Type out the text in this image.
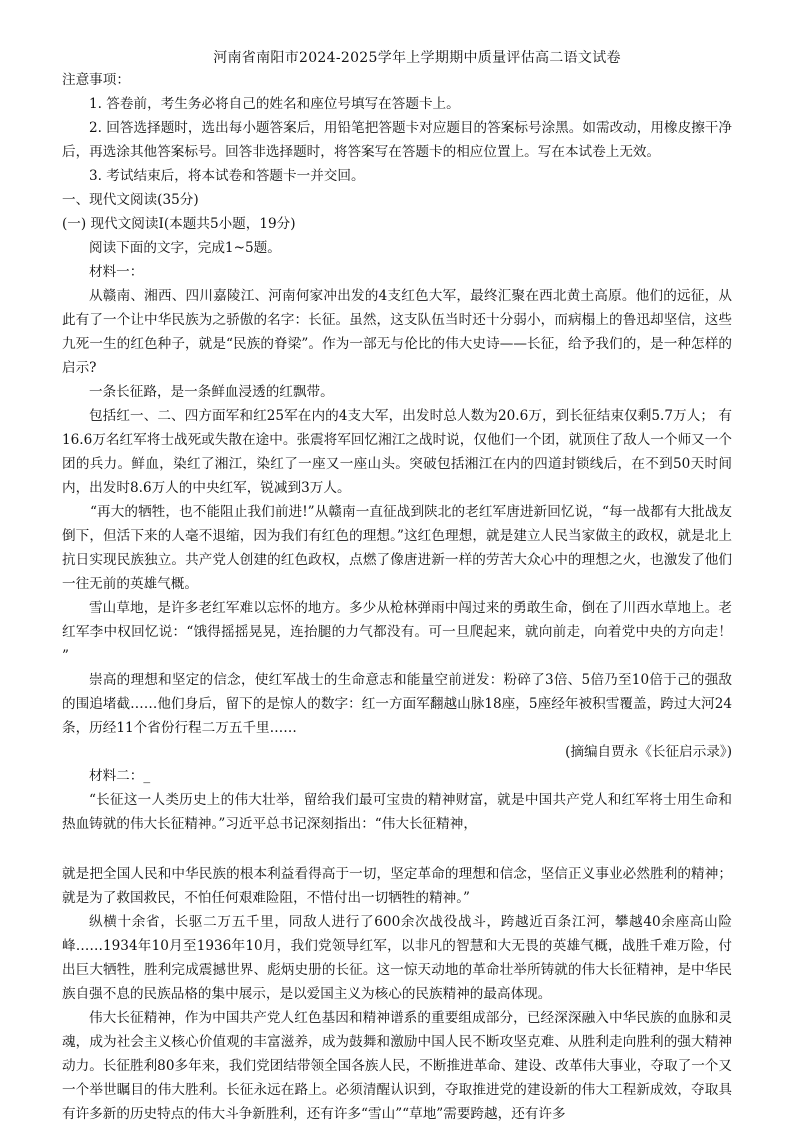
河南省南阳市2024-2025学年上学期期中质量评估高二语文试卷

注意事项：

1. 答卷前，考生务必将自己的姓名和座位号填写在答题卡上。

2. 回答选择题时，选出每小题答案后，用铅笔把答题卡对应题目的答案标号涂黑。如需改动，用橡皮擦干净后，再选涂其他答案标号。回答非选择题时，将答案写在答题卡的相应位置上。写在本试卷上无效。

3. 考试结束后，将本试卷和答题卡一并交回。

一、现代文阅读(35分)

(一) 现代文阅读Ⅰ(本题共5小题，19分)

阅读下面的文字，完成1~5题。

材料一：

从赣南、湘西、四川嘉陵江、河南何家冲出发的4支红色大军，最终汇聚在西北黄土高原。他们的远征，从此有了一个让中华民族为之骄傲的名字：长征。虽然，这支队伍当时还十分弱小，而病榻上的鲁迅却坚信，这些九死一生的红色种子，就是“民族的脊梁”。作为一部无与伦比的伟大史诗——长征，给予我们的，是一种怎样的启示?

一条长征路，是一条鲜血浸透的红飘带。

包括红一、二、四方面军和红25军在内的4支大军，出发时总人数为20.6万，到长征结束仅剩5.7万人； 有16.6万名红军将士战死或失散在途中。张震将军回忆湘江之战时说，仅他们一个团，就顶住了敌人一个师又一个团的兵力。鲜血，染红了湘江，染红了一座又一座山头。突破包括湘江在内的四道封锁线后，在不到50天时间内，出发时8.6万人的中央红军，锐减到3万人。

“再大的牺牲，也不能阻止我们前进!”从赣南一直征战到陕北的老红军唐进新回忆说，“每一战都有大批战友倒下，但活下来的人毫不退缩，因为我们有红色的理想。”这红色理想，就是建立人民当家做主的政权，就是北上抗日实现民族独立。共产党人创建的红色政权，点燃了像唐进新一样的劳苦大众心中的理想之火，也激发了他们一往无前的英雄气概。

雪山草地，是许多老红军难以忘怀的地方。多少从枪林弹雨中闯过来的勇敢生命，倒在了川西水草地上。老红军李中权回忆说：“饿得摇摇晃晃，连抬腿的力气都没有。可一旦爬起来，就向前走，向着党中央的方向走！ ”

崇高的理想和坚定的信念，使红军战士的生命意志和能量空前迸发：粉碎了3倍、5倍乃至10倍于己的强敌的围追堵截……他们身后，留下的是惊人的数字：红一方面军翻越山脉18座，5座经年被积雪覆盖，跨过大河24条，历经11个省份行程二万五千里……

(摘编自贾永《长征启示录》)

材料二：_

“长征这一人类历史上的伟大壮举，留给我们最可宝贵的精神财富，就是中国共产党人和红军将士用生命和热血铸就的伟大长征精神。”习近平总书记深刻指出：“伟大长征精神，

就是把全国人民和中华民族的根本利益看得高于一切，坚定革命的理想和信念，坚信正义事业必然胜利的精神； 就是为了救国救民，不怕任何艰难险阻，不惜付出一切牺牲的精神。”

纵横十余省，长驱二万五千里，同敌人进行了600余次战役战斗，跨越近百条江河，攀越40余座高山险峰……1934年10月至1936年10月，我们党领导红军，以非凡的智慧和大无畏的英雄气概，战胜千难万险，付出巨大牺牲，胜利完成震撼世界、彪炳史册的长征。这一惊天动地的革命壮举所铸就的伟大长征精神，是中华民族自强不息的民族品格的集中展示，是以爱国主义为核心的民族精神的最高体现。

伟大长征精神，作为中国共产党人红色基因和精神谱系的重要组成部分，已经深深融入中华民族的血脉和灵魂，成为社会主义核心价值观的丰富滋养，成为鼓舞和激励中国人民不断攻坚克难、从胜利走向胜利的强大精神动力。长征胜利80多年来，我们党团结带领全国各族人民，不断推进革命、建设、改革伟大事业，夺取了一个又一个举世瞩目的伟大胜利。长征永远在路上。必须清醒认识到，夺取推进党的建设新的伟大工程新成效，夺取具有许多新的历史特点的伟大斗争新胜利，还有许多“雪山”“草地”需要跨越，还有许多
